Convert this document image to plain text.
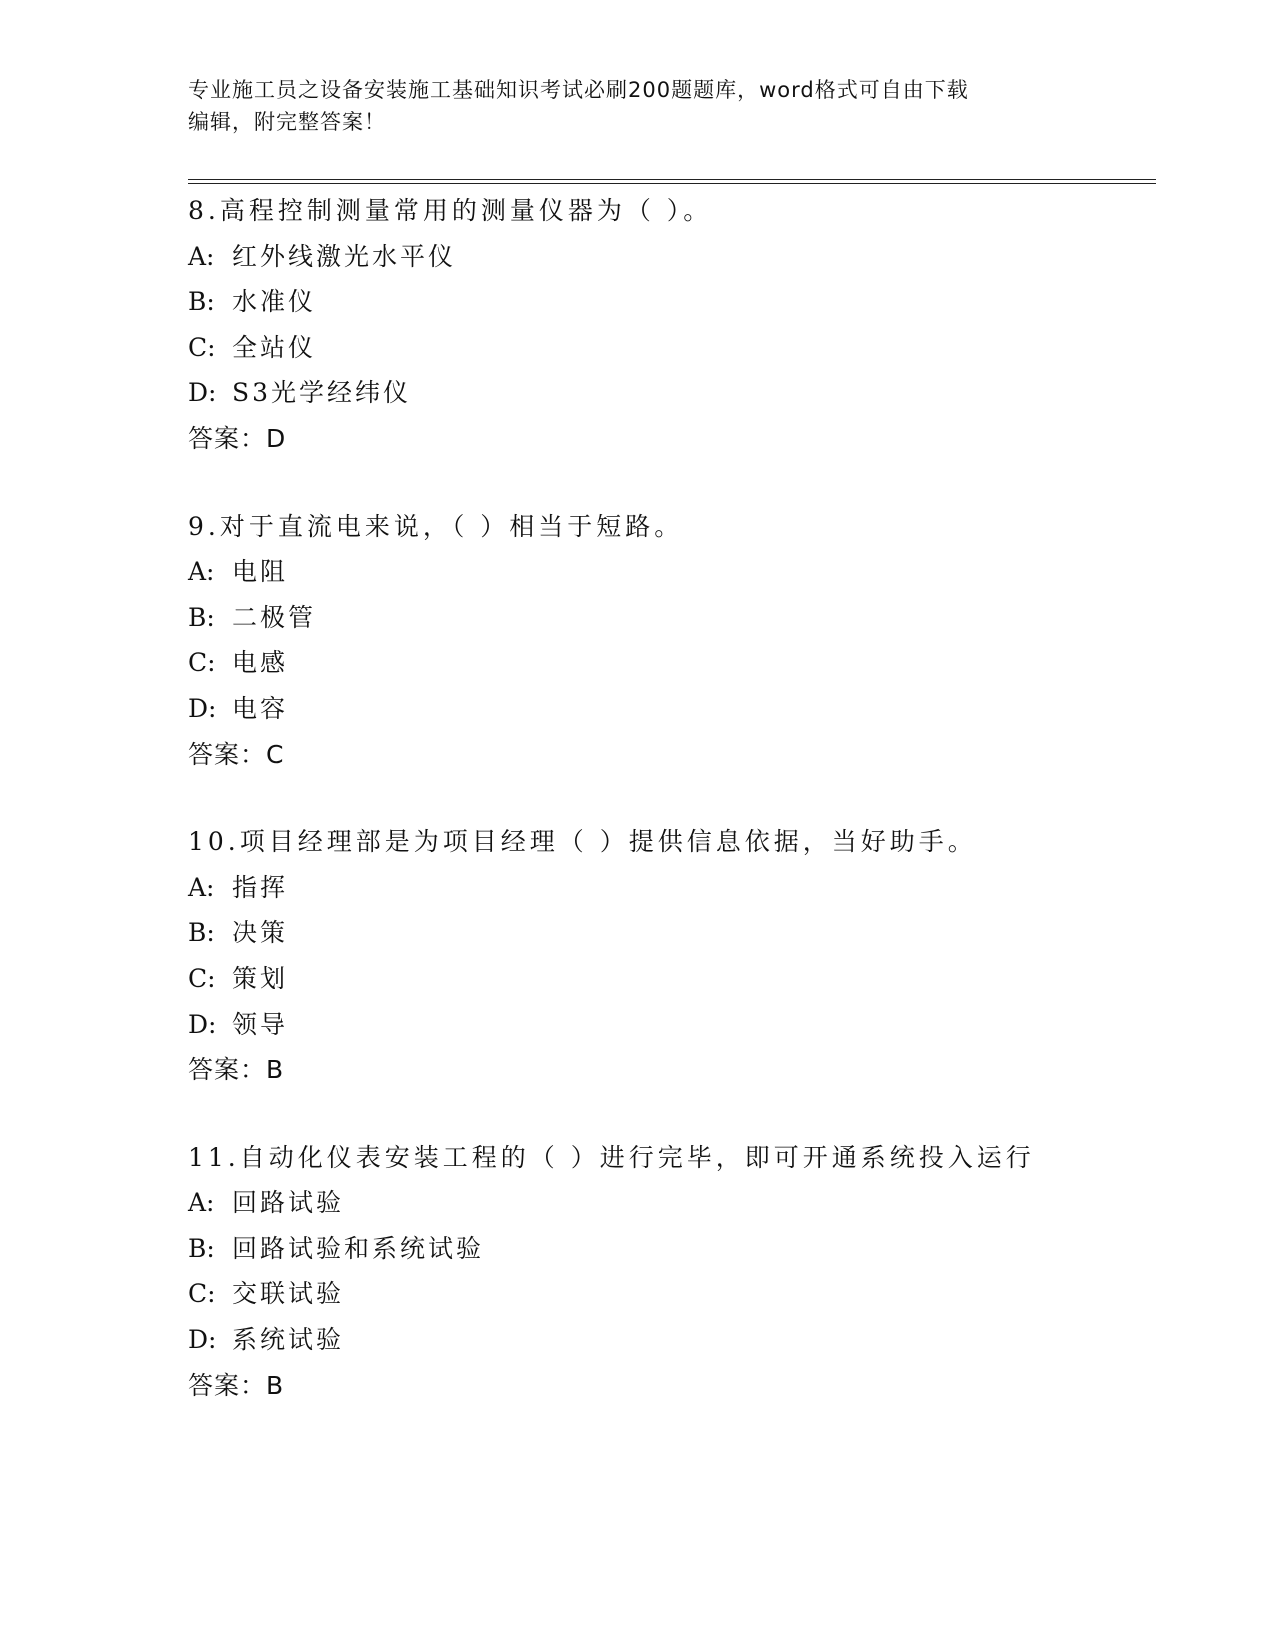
专业施工员之设备安装施工基础知识考试必刷200题题库，word格式可自由下载
编辑，附完整答案！
8.高程控制测量常用的测量仪器为（ ）。
A: 红外线激光水平仪
B: 水准仪
C: 全站仪
D: S3光学经纬仪
答案：D
9.对于直流电来说，（ ）相当于短路。
A: 电阻
B: 二极管
C: 电感
D: 电容
答案：C
10.项目经理部是为项目经理（ ）提供信息依据，当好助手。
A: 指挥
B: 决策
C: 策划
D: 领导
答案：B
11.自动化仪表安装工程的（ ）进行完毕，即可开通系统投入运行
A: 回路试验
B: 回路试验和系统试验
C: 交联试验
D: 系统试验
答案：B
